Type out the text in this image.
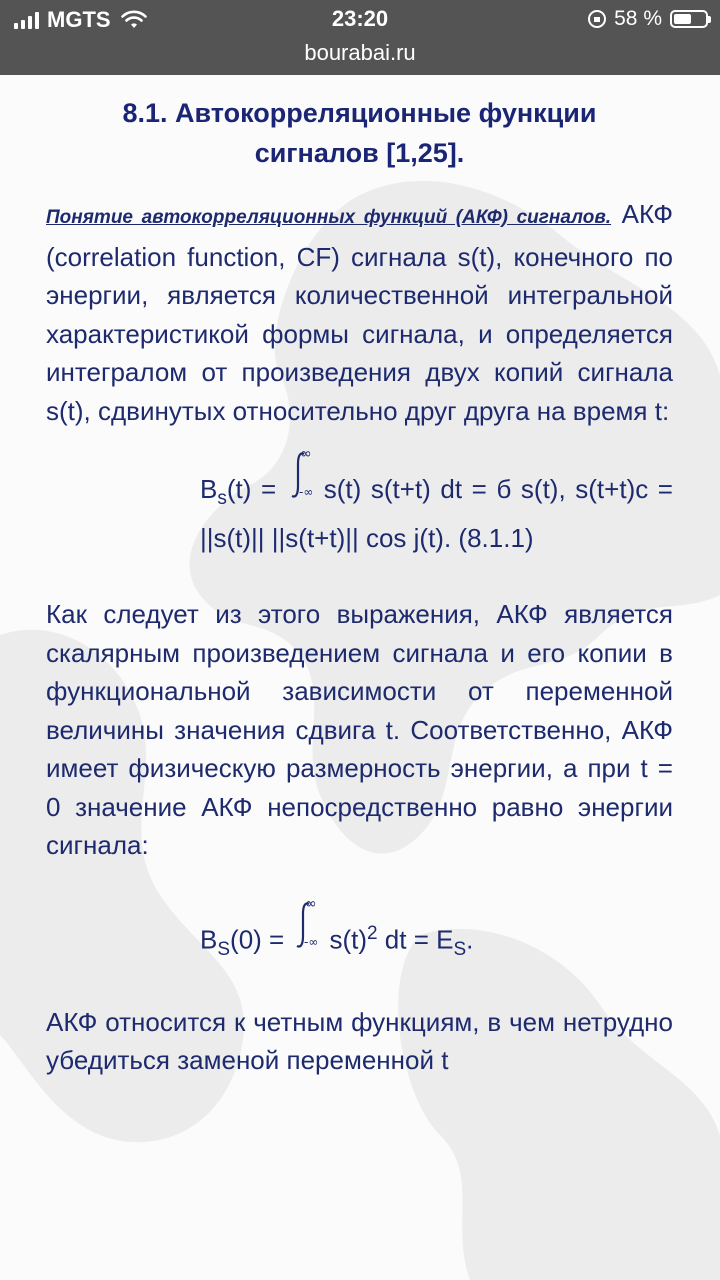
MGTS	23:20	58 %
bourabai.ru
8.1. Автокорреляционные функции
сигналов [1,25].

Понятие автокорреляционных функций (АКФ) сигналов. АКФ (correlation function, CF) сигнала s(t), конечного по энергии, является количественной интегральной характеристикой формы сигнала, и определяется интегралом от произведения двух копий сигнала s(t), сдвинутых относительно друг друга на время t:

$B_s(t)$ =
∞
-∞ s(t) s(t+t) dt = б s(t), s(t+t)с = ||s(t)|| ||s(t+t)|| cos j(t). (8.1.1)

Как следует из этого выражения, АКФ является скалярным произведением сигнала и его копии в функциональной зависимости от переменной величины значения сдвига t. Соответственно, АКФ имеет физическую размерность энергии, а при t = 0 значение АКФ непосредственно равно энергии сигнала:

$B_S(0)$ =
∞
-∞ $s(t)^2$ dt = $E_S$.

АКФ относится к четным функциям, в чем нетрудно убедиться заменой переменной t
